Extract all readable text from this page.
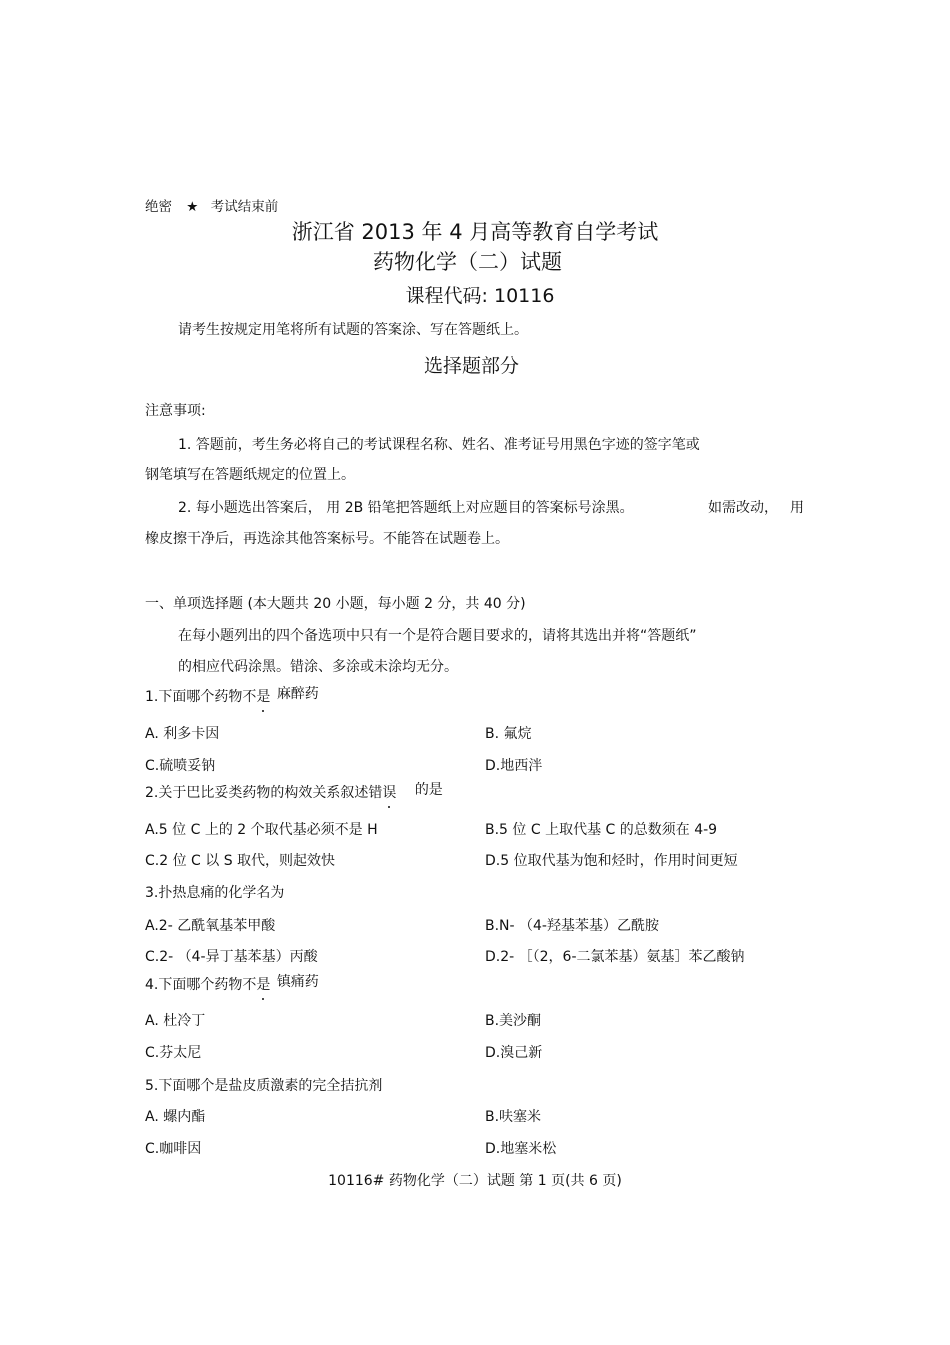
绝密 ★ 考试结束前
浙江省 2013 年 4 月高等教育自学考试
药物化学（二）试题
课程代码: 10116
请考生按规定用笔将所有试题的答案涂、写在答题纸上。
选择题部分
注意事项:
1. 答题前，考生务必将自己的考试课程名称、姓名、准考证号用黑色字迹的签字笔或
钢笔填写在答题纸规定的位置上。
2. 每小题选出答案后， 用 2B 铅笔把答题纸上对应题目的答案标号涂黑。	如需改动， 用
橡皮擦干净后，再选涂其他答案标号。不能答在试题卷上。
一、单项选择题 (本大题共 20 小题，每小题 2 分，共 40 分)
在每小题列出的四个备选项中只有一个是符合题目要求的，请将其选出并将“答题纸”
的相应代码涂黑。错涂、多涂或未涂均无分。
1.下面哪个药物不是 麻醉药
A. 利多卡因	B. 氟烷
C.硫喷妥钠	D.地西泮
2.关于巴比妥类药物的构效关系叙述错误 的是
A.5 位 C 上的 2 个取代基必须不是 H	B.5 位 C 上取代基 C 的总数须在 4-9
C.2 位 C 以 S 取代，则起效快	D.5 位取代基为饱和烃时，作用时间更短
3.扑热息痛的化学名为
A.2- 乙酰氧基苯甲酸	B.N- （4-羟基苯基）乙酰胺
C.2- （4-异丁基苯基）丙酸	D.2- ［（2，6-二氯苯基）氨基］苯乙酸钠
4.下面哪个药物不是 镇痛药
A. 杜冷丁	B.美沙酮
C.芬太尼	D.溴己新
5.下面哪个是盐皮质激素的完全拮抗剂
A. 螺内酯	B.呋塞米
C.咖啡因	D.地塞米松
10116# 药物化学（二）试题 第 1 页(共 6 页)
